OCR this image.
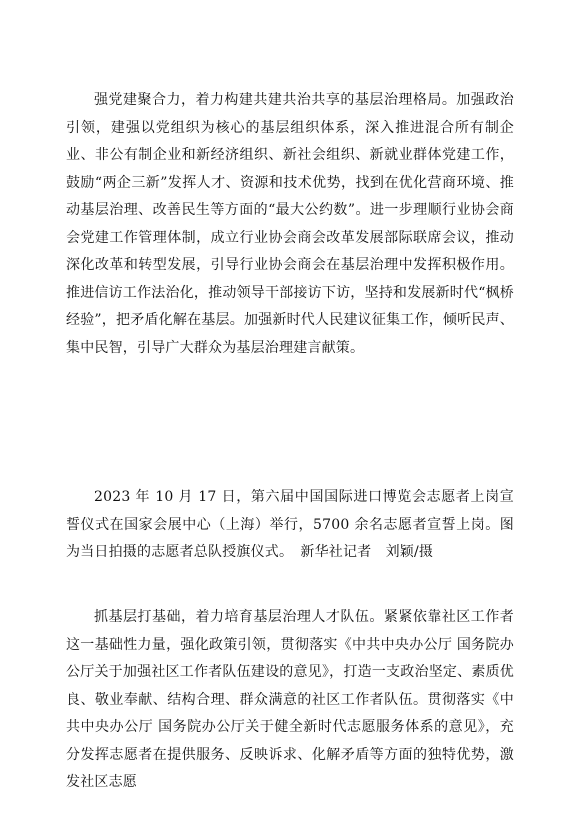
强党建聚合力，着力构建共建共治共享的基层治理格局。加强政治引领，建强以党组织为核心的基层组织体系，深入推进混合所有制企业、非公有制企业和新经济组织、新社会组织、新就业群体党建工作，鼓励“两企三新”发挥人才、资源和技术优势，找到在优化营商环境、推动基层治理、改善民生等方面的“最大公约数”。进一步理顺行业协会商会党建工作管理体制，成立行业协会商会改革发展部际联席会议，推动深化改革和转型发展，引导行业协会商会在基层治理中发挥积极作用。推进信访工作法治化，推动领导干部接访下访，坚持和发展新时代“枫桥经验”，把矛盾化解在基层。加强新时代人民建议征集工作，倾听民声、集中民智，引导广大群众为基层治理建言献策。

2023 年 10 月 17 日，第六届中国国际进口博览会志愿者上岗宣誓仪式在国家会展中心（上海）举行，5700 余名志愿者宣誓上岗。图为当日拍摄的志愿者总队授旗仪式。　新华社记者　刘颖/摄

抓基层打基础，着力培育基层治理人才队伍。紧紧依靠社区工作者这一基础性力量，强化政策引领，贯彻落实《中共中央办公厅 国务院办公厅关于加强社区工作者队伍建设的意见》，打造一支政治坚定、素质优良、敬业奉献、结构合理、群众满意的社区工作者队伍。贯彻落实《中共中央办公厅 国务院办公厅关于健全新时代志愿服务体系的意见》，充分发挥志愿者在提供服务、反映诉求、化解矛盾等方面的独特优势，激发社区志愿
